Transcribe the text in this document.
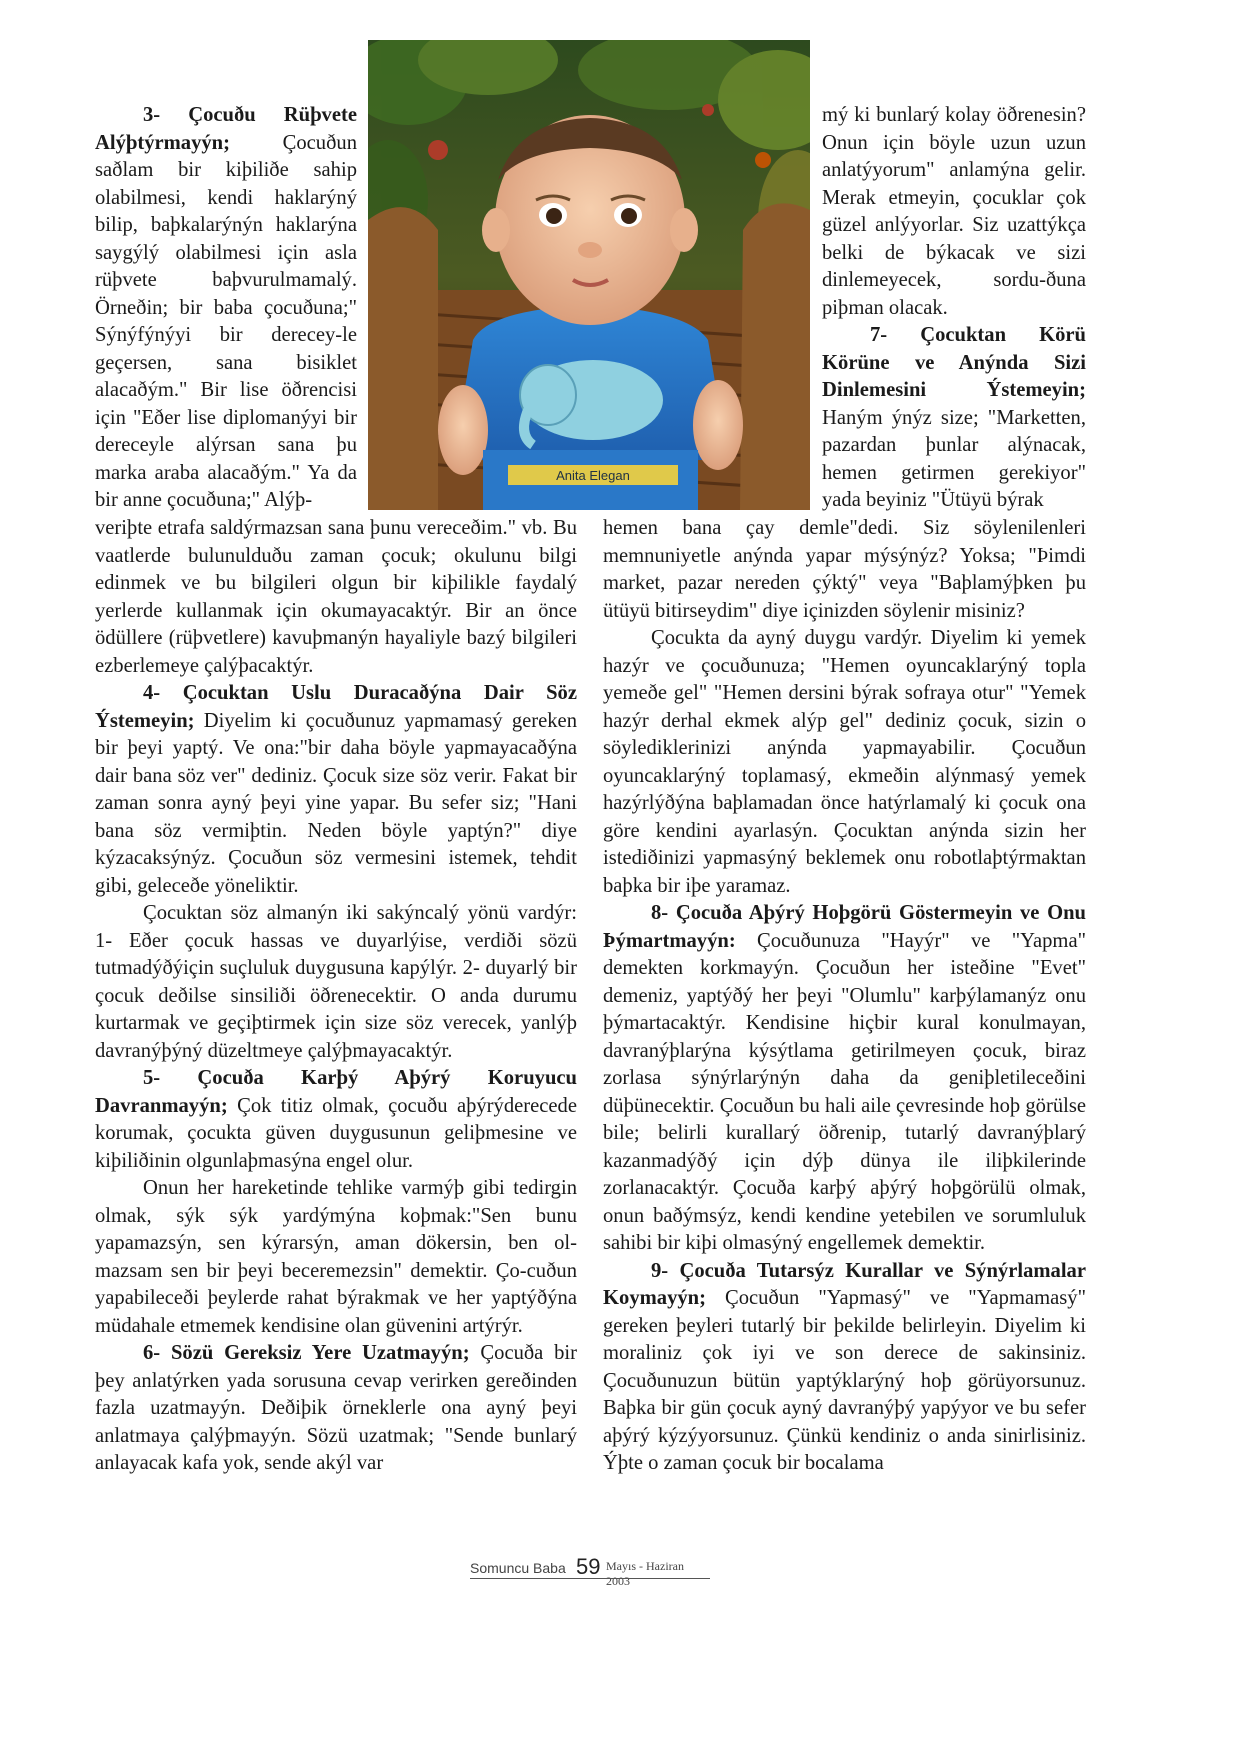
Anita Elegan

3- Çocuðu Rüþvete Alýþtýrmayýn;	Çocuðun saðlam bir kiþiliðe sahip olabilmesi, kendi haklarýný bilip, baþkalarýnýn haklarýna saygýlý olabilmesi için asla rüþvete baþvurulmamalý. Örneðin; bir baba çocuðuna;" Sýnýfýnýyi bir derecey-le geçersen, sana bisiklet alacaðým." Bir lise öðrencisi için "Eðer lise diplomanýyi bir dereceyle alýrsan sana þu marka araba alacaðým." Ya da bir anne çocuðuna;" Alýþ-

veriþte etrafa saldýrmazsan sana þunu vereceðim." vb. Bu vaatlerde bulunulduðu zaman çocuk; okulunu bilgi edinmek ve bu bilgileri olgun bir kiþilikle faydalý yerlerde kullanmak için okumayacaktýr. Bir an önce ödüllere (rüþvetlere) kavuþmanýn hayaliyle bazý bilgileri ezberlemeye çalýþacaktýr.

4- Çocuktan Uslu Duracaðýna Dair Söz Ýstemeyin; Diyelim ki çocuðunuz yapmamasý gereken bir þeyi yaptý. Ve ona:"bir daha böyle yapmayacaðýna dair bana söz ver" dediniz. Çocuk size söz verir. Fakat bir zaman sonra ayný þeyi yine yapar. Bu sefer siz; "Hani bana söz vermiþtin. Neden böyle yaptýn?" diye kýzacaksýnýz. Çocuðun söz vermesini istemek, tehdit gibi, geleceðe yöneliktir.

Çocuktan söz almanýn iki sakýncalý yönü vardýr: 1- Eðer çocuk hassas ve duyarlýise, verdiði sözü tutmadýðýiçin suçluluk duygusuna kapýlýr. 2- duyarlý bir çocuk deðilse sinsiliði öðrenecektir. O anda durumu kurtarmak ve geçiþtirmek için size söz verecek, yanlýþ davranýþýný düzeltmeye çalýþmayacaktýr.

5- Çocuða Karþý Aþýrý Koruyucu Davranmayýn; Çok titiz olmak, çocuðu aþýrýderecede korumak, çocukta güven duygusunun geliþmesine ve kiþiliðinin olgunlaþmasýna engel olur.

Onun her hareketinde tehlike varmýþ gibi tedirgin olmak, sýk sýk yardýmýna koþmak:"Sen bunu yapamazsýn, sen kýrarsýn, aman dökersin, ben ol-mazsam sen bir þeyi beceremezsin" demektir. Ço-cuðun yapabileceði þeylerde rahat býrakmak ve her yaptýðýna müdahale etmemek kendisine olan güvenini artýrýr.

6- Sözü Gereksiz Yere Uzatmayýn; Çocuða bir þey anlatýrken yada sorusuna cevap verirken gereðinden fazla uzatmayýn. Deðiþik örneklerle ona ayný þeyi anlatmaya çalýþmayýn. Sözü uzatmak; "Sende bunlarý anlayacak kafa yok, sende akýl var

mý ki bunlarý kolay öðrenesin? Onun için böyle uzun uzun anlatýyorum" anlamýna gelir. Merak etmeyin, çocuklar çok güzel anlýyorlar. Siz uzattýkça belki de býkacak ve sizi dinlemeyecek, sordu-ðuna piþman olacak.

7- Çocuktan Körü Körüne ve Anýnda Sizi Dinlemesini Ýstemeyin; Haným ýnýz size; "Marketten, pazardan þunlar alýnacak, hemen getirmen gerekiyor" yada beyiniz "Ütüyü býrak

hemen bana çay demle"dedi. Siz söylenilenleri memnuniyetle anýnda yapar mýsýnýz? Yoksa; "Þimdi market, pazar nereden çýktý" veya "Baþlamýþken þu ütüyü bitirseydim" diye içinizden söylenir misiniz?

Çocukta da ayný duygu vardýr. Diyelim ki yemek hazýr ve çocuðunuza; "Hemen oyuncaklarýný topla yemeðe gel" "Hemen dersini býrak sofraya otur" "Yemek hazýr derhal ekmek alýp gel" dediniz çocuk, sizin o söylediklerinizi anýnda yapmayabilir. Çocuðun oyuncaklarýný toplamasý, ekmeðin alýnmasý yemek hazýrlýðýna baþlamadan önce hatýrlamalý ki çocuk ona göre kendini ayarlasýn. Çocuktan anýnda sizin her istediðinizi yapmasýný beklemek onu robotlaþtýrmaktan baþka bir iþe yaramaz.

8- Çocuða Aþýrý Hoþgörü Göstermeyin ve Onu Þýmartmayýn: Çocuðunuza "Hayýr" ve "Yapma" demekten korkmayýn. Çocuðun her isteðine "Evet" demeniz, yaptýðý her þeyi "Olumlu" karþýlamanýz onu þýmartacaktýr. Kendisine hiçbir kural konulmayan, davranýþlarýna kýsýtlama getirilmeyen çocuk, biraz zorlasa sýnýrlarýnýn daha da geniþletileceðini düþünecektir. Çocuðun bu hali aile çevresinde hoþ görülse bile; belirli kurallarý öðrenip, tutarlý davranýþlarý kazanmadýðý için dýþ dünya ile iliþkilerinde zorlanacaktýr. Çocuða karþý aþýrý hoþgörülü olmak, onun baðýmsýz, kendi kendine yetebilen ve sorumluluk sahibi bir kiþi olmasýný engellemek demektir.

9- Çocuða Tutarsýz Kurallar ve Sýnýrlamalar Koymayýn; Çocuðun "Yapmasý" ve "Yapmamasý" gereken þeyleri tutarlý bir þekilde belirleyin. Diyelim ki moraliniz çok iyi ve son derece de sakinsiniz. Çocuðunuzun bütün yaptýklarýný hoþ görüyorsunuz. Baþka bir gün çocuk ayný davranýþý yapýyor ve bu sefer aþýrý kýzýyorsunuz. Çünkü kendiniz o anda sinirlisiniz. Ýþte o zaman çocuk bir bocalama

Somuncu Baba 59 Mayıs - Haziran 2003
